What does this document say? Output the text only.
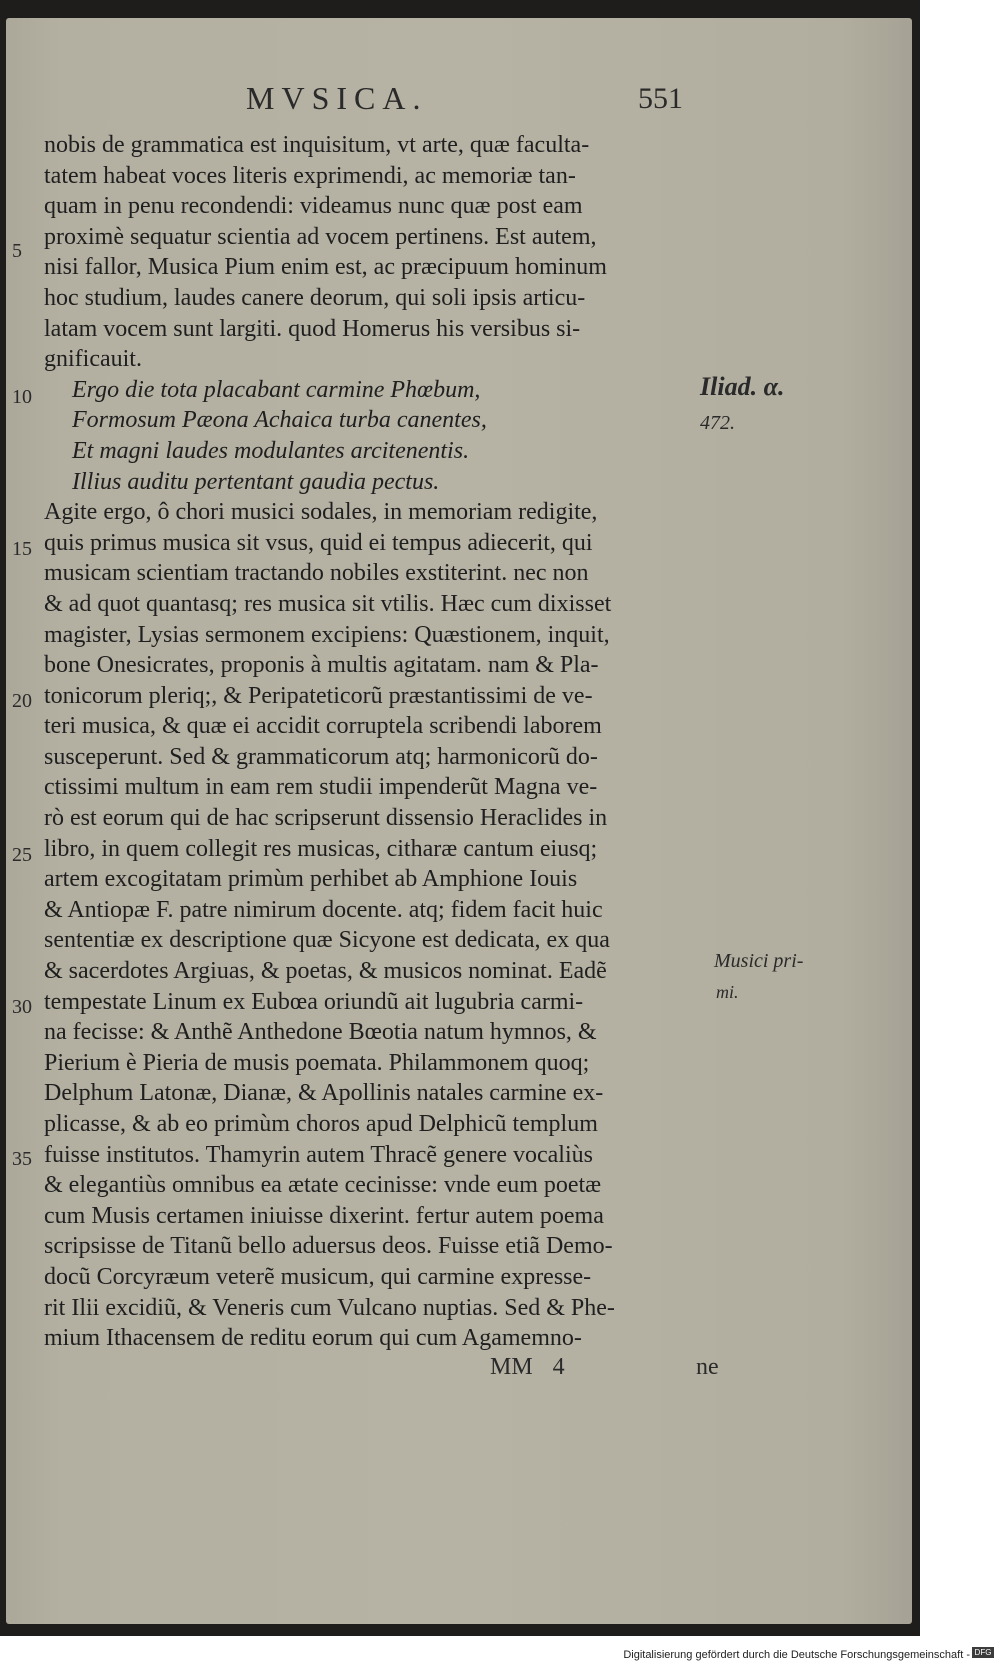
MVSICA.	551
5
10
15
20
25
30
35
nobis de grammatica est inquisitum, vt arte, quæ faculta-
tatem habeat voces literis exprimendi, ac memoriæ tan-
quam in penu recondendi: videamus nunc quæ post eam
proximè sequatur scientia ad vocem pertinens. Est autem,
nisi fallor, Musica Pium enim est, ac præcipuum hominum
hoc studium, laudes canere deorum, qui soli ipsis articu-
latam vocem sunt largiti. quod Homerus his versibus si-
gnificauit.
Ergo die tota placabant carmine Phœbum,
Formosum Pæona Achaica turba canentes,
Et magni laudes modulantes arcitenentis.
Illius auditu pertentant gaudia pectus.
Agite ergo, ô chori musici sodales, in memoriam redigite,
quis primus musica sit vsus, quid ei tempus adiecerit, qui
musicam scientiam tractando nobiles exstiterint. nec non
& ad quot quantasq; res musica sit vtilis. Hæc cum dixisset
magister, Lysias sermonem excipiens: Quæstionem, inquit,
bone Onesicrates, proponis à multis agitatam. nam & Pla-
tonicorum pleriq;, & Peripateticorũ præstantissimi de ve-
teri musica, & quæ ei accidit corruptela scribendi laborem
susceperunt. Sed & grammaticorum atq; harmonicorũ do-
ctissimi multum in eam rem studii impenderũt Magna ve-
rò est eorum qui de hac scripserunt dissensio Heraclides in
libro, in quem collegit res musicas, citharæ cantum eiusq;
artem excogitatam primùm perhibet ab Amphione Iouis
& Antiopæ F. patre nimirum docente. atq; fidem facit huic
sententiæ ex descriptione quæ Sicyone est dedicata, ex qua
& sacerdotes Argiuas, & poetas, & musicos nominat. Eadẽ
tempestate Linum ex Eubœa oriundũ ait lugubria carmi-
na fecisse: & Anthẽ Anthedone Bœotia natum hymnos, &
Pierium è Pieria de musis poemata. Philammonem quoq;
Delphum Latonæ, Dianæ, & Apollinis natales carmine ex-
plicasse, & ab eo primùm choros apud Delphicũ templum
fuisse institutos. Thamyrin autem Thracẽ genere vocaliùs
& elegantiùs omnibus ea ætate cecinisse: vnde eum poetæ
cum Musis certamen iniuisse dixerint. fertur autem poema
scripsisse de Titanũ bello aduersus deos. Fuisse etiã Demo-
docũ Corcyræum veterẽ musicum, qui carmine expresse-
rit Ilii excidiũ, & Veneris cum Vulcano nuptias. Sed & Phe-
mium Ithacensem de reditu eorum qui cum Agamemno-
Iliad. α.
472.
Musici pri-
mi.
MM 4	ne
Digitalisierung gefördert durch die Deutsche Forschungsgemeinschaft - DFG
